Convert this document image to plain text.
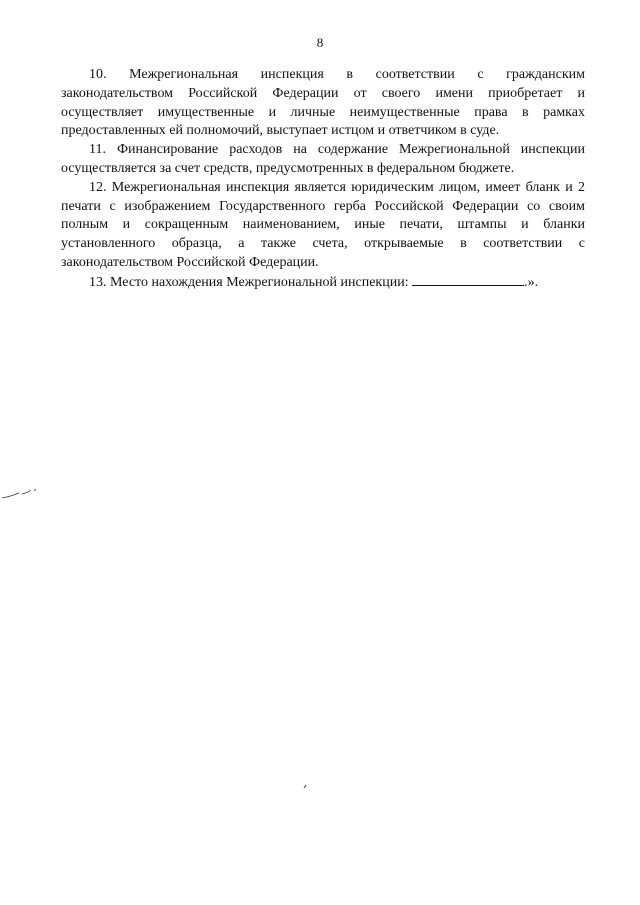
8

10. Межрегиональная инспекция в соответствии с гражданским законодательством Российской Федерации от своего имени приобретает и осуществляет имущественные и личные неимущественные права в рамках предоставленных ей полномочий, выступает истцом и ответчиком в суде.

11. Финансирование расходов на содержание Межрегиональной инспекции осуществляется за счет средств, предусмотренных в федеральном бюджете.

12. Межрегиональная инспекция является юридическим лицом, имеет бланк и 2 печати с изображением Государственного герба Российской Федерации со своим полным и сокращенным наименованием, иные печати, штампы и бланки установленного образца, а также счета, открываемые в соответствии с законодательством Российской Федерации.

13. Место нахождения Межрегиональной инспекции:	.».
